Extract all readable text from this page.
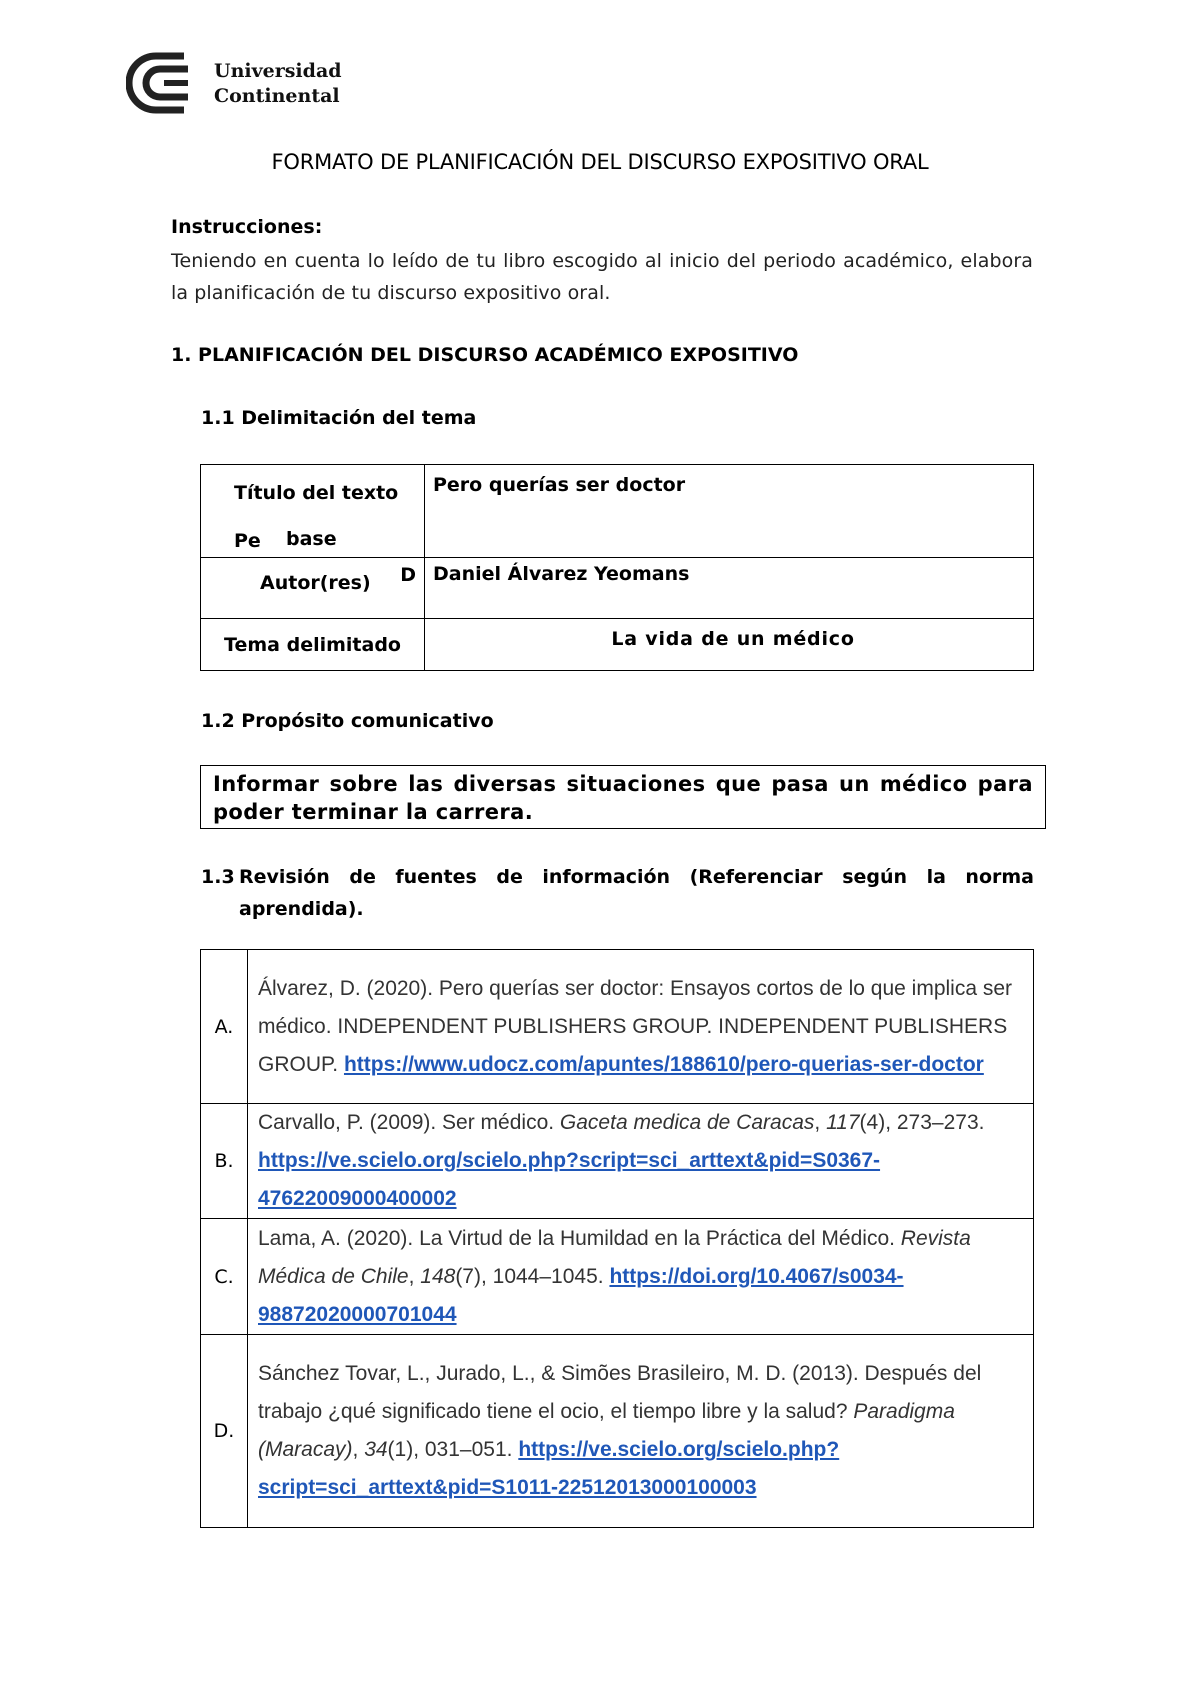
Universidad
Continental
FORMATO DE PLANIFICACIÓN DEL DISCURSO EXPOSITIVO ORAL
Instrucciones:
Teniendo en cuenta lo leído de tu libro escogido al inicio del periodo académico, elabora la planificación de tu discurso expositivo oral.
1. PLANIFICACIÓN DEL DISCURSO ACADÉMICO EXPOSITIVO
1.1 Delimitación del tema
Título del texto Pe base	Pero querías ser doctor

Autor(res) D	Daniel Álvarez Yeomans
Tema delimitado	La vida de un médico
1.2 Propósito comunicativo
Informar sobre las diversas situaciones que pasa un médico para poder terminar la carrera.
1.3 Revisión de fuentes de información (Referenciar según la norma aprendida).
A.	Álvarez, D. (2020). Pero querías ser doctor: Ensayos cortos de lo que implica ser médico. INDEPENDENT PUBLISHERS GROUP. INDEPENDENT PUBLISHERS GROUP. https://www.udocz.com/apuntes/188610/pero-querias-ser-doctor
B.	Carvallo, P. (2009). Ser médico. Gaceta medica de Caracas, 117(4), 273–273. https://ve.scielo.org/scielo.php?script=sci_arttext&pid=S0367-47622009000400002
C.	Lama, A. (2020). La Virtud de la Humildad en la Práctica del Médico. Revista Médica de Chile, 148(7), 1044–1045. https://doi.org/10.4067/s0034-98872020000701044
D.	Sánchez Tovar, L., Jurado, L., & Simões Brasileiro, M. D. (2013). Después del trabajo ¿qué significado tiene el ocio, el tiempo libre y la salud? Paradigma (Maracay), 34(1), 031–051. https://ve.scielo.org/scielo.php?script=sci_arttext&pid=S1011-22512013000100003
